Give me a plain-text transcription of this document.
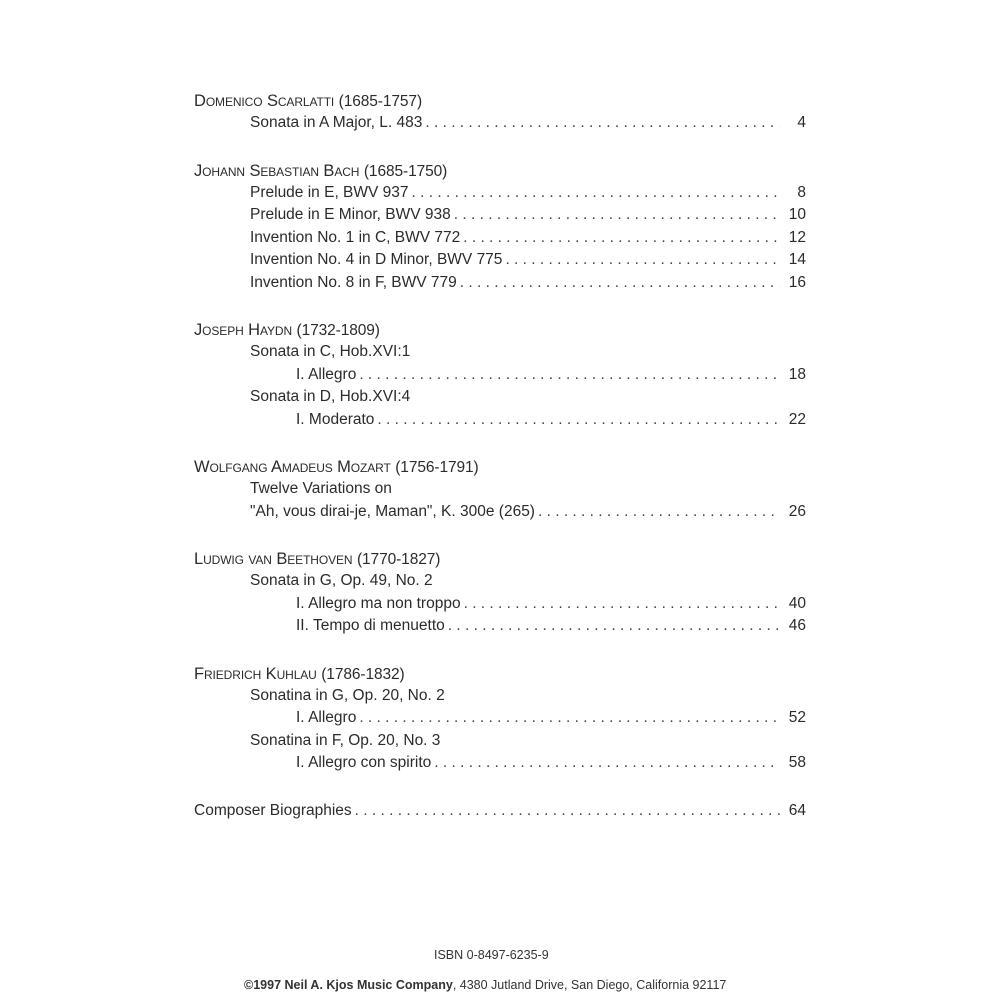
Domenico Scarlatti (1685-1757)
Sonata in A Major, L. 483 . . .	4
Johann Sebastian Bach (1685-1750)
Prelude in E, BWV 937 . . .	8
Prelude in E Minor, BWV 938 . . .	10
Invention No. 1 in C, BWV 772 . . .	12
Invention No. 4 in D Minor, BWV 775 . . .	14
Invention No. 8 in F, BWV 779 . . .	16
Joseph Haydn (1732-1809)
Sonata in C, Hob.XVI:1
I. Allegro . . .	18
Sonata in D, Hob.XVI:4
I. Moderato . . .	22
Wolfgang Amadeus Mozart (1756-1791)
Twelve Variations on
"Ah, vous dirai-je, Maman", K. 300e (265) . . .	26
Ludwig van Beethoven (1770-1827)
Sonata in G, Op. 49, No. 2
I. Allegro ma non troppo . . .	40
II. Tempo di menuetto . . .	46
Friedrich Kuhlau (1786-1832)
Sonatina in G, Op. 20, No. 2
I. Allegro . . .	52
Sonatina in F, Op. 20, No. 3
I. Allegro con spirito . . .	58
Composer Biographies . . .	64
ISBN 0-8497-6235-9
©1997 Neil A. Kjos Music Company, 4380 Jutland Drive, San Diego, California 92117
